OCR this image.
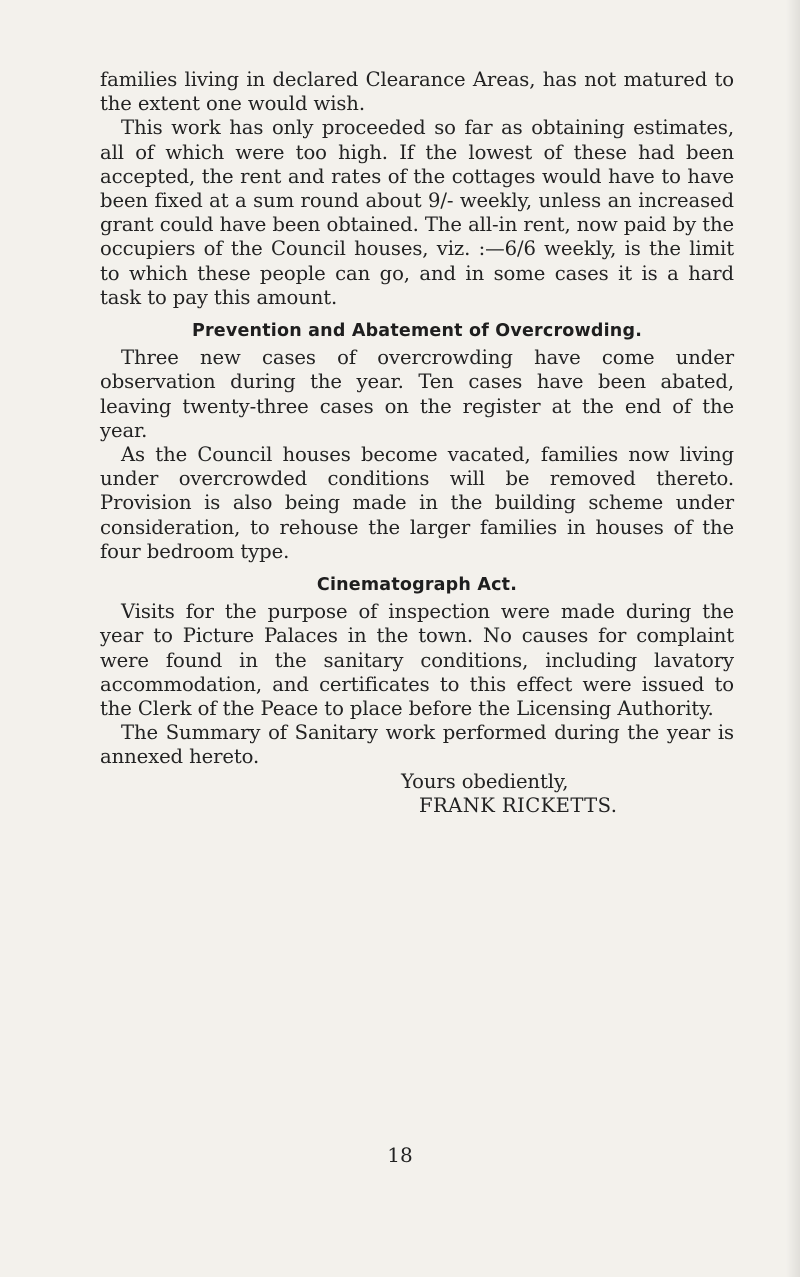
families living in declared Clearance Areas, has not matured to the extent one would wish.

This work has only proceeded so far as obtaining estimates, all of which were too high. If the lowest of these had been accepted, the rent and rates of the cottages would have to have been fixed at a sum round about 9/- weekly, unless an increased grant could have been obtained. The all-in rent, now paid by the occupiers of the Council houses, viz. :—6/6 weekly, is the limit to which these people can go, and in some cases it is a hard task to pay this amount.

Prevention and Abatement of Overcrowding.

Three new cases of overcrowding have come under observation during the year. Ten cases have been abated, leaving twenty-three cases on the register at the end of the year.

As the Council houses become vacated, families now living under overcrowded conditions will be removed thereto. Provision is also being made in the building scheme under consideration, to rehouse the larger families in houses of the four bedroom type.

Cinematograph Act.

Visits for the purpose of inspection were made during the year to Picture Palaces in the town. No causes for complaint were found in the sanitary conditions, including lavatory accommodation, and certificates to this effect were issued to the Clerk of the Peace to place before the Licensing Authority.

The Summary of Sanitary work performed during the year is annexed hereto.

Yours obediently,
FRANK RICKETTS.
18
